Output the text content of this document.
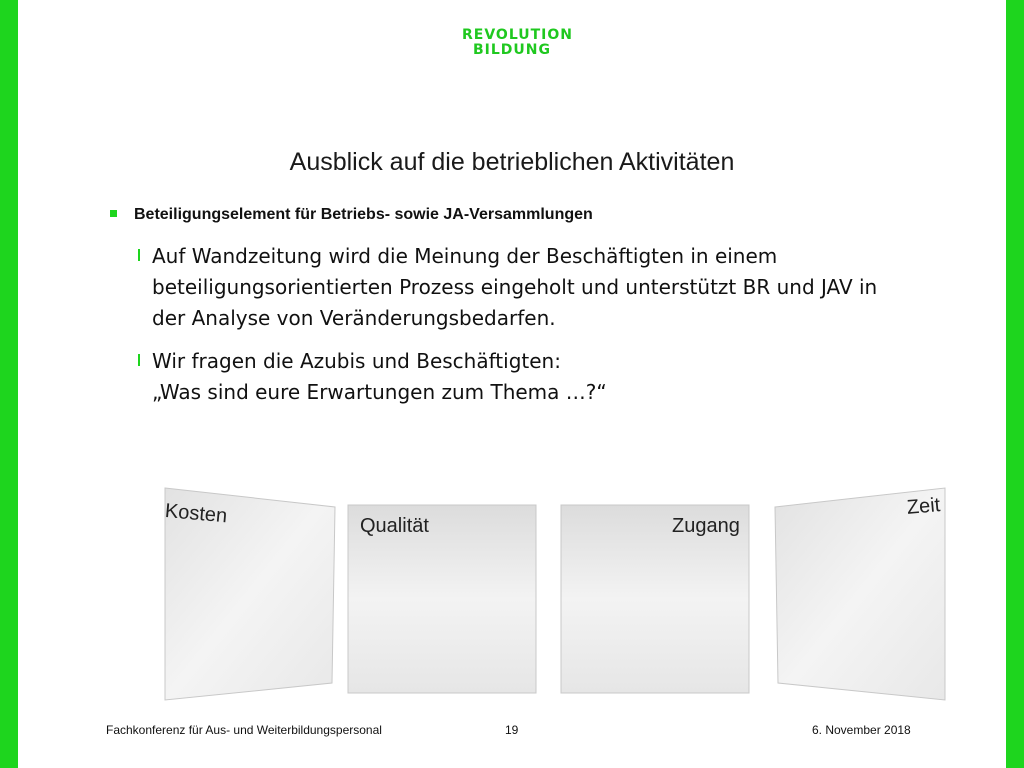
REVOLUTION
BILDUNG
Ausblick auf die betrieblichen Aktivitäten
Beteiligungselement für Betriebs- sowie JA-Versammlungen
Auf Wandzeitung wird die Meinung der Beschäftigten in einem
beteiligungsorientierten Prozess eingeholt und unterstützt BR und JAV in
der Analyse von Veränderungsbedarfen.
Wir fragen die Azubis und Beschäftigten:
„Was sind eure Erwartungen zum Thema …?“
Kosten	Qualität	Zugang
Zeit
Fachkonferenz für Aus- und Weiterbildungspersonal	19	6. November 2018
